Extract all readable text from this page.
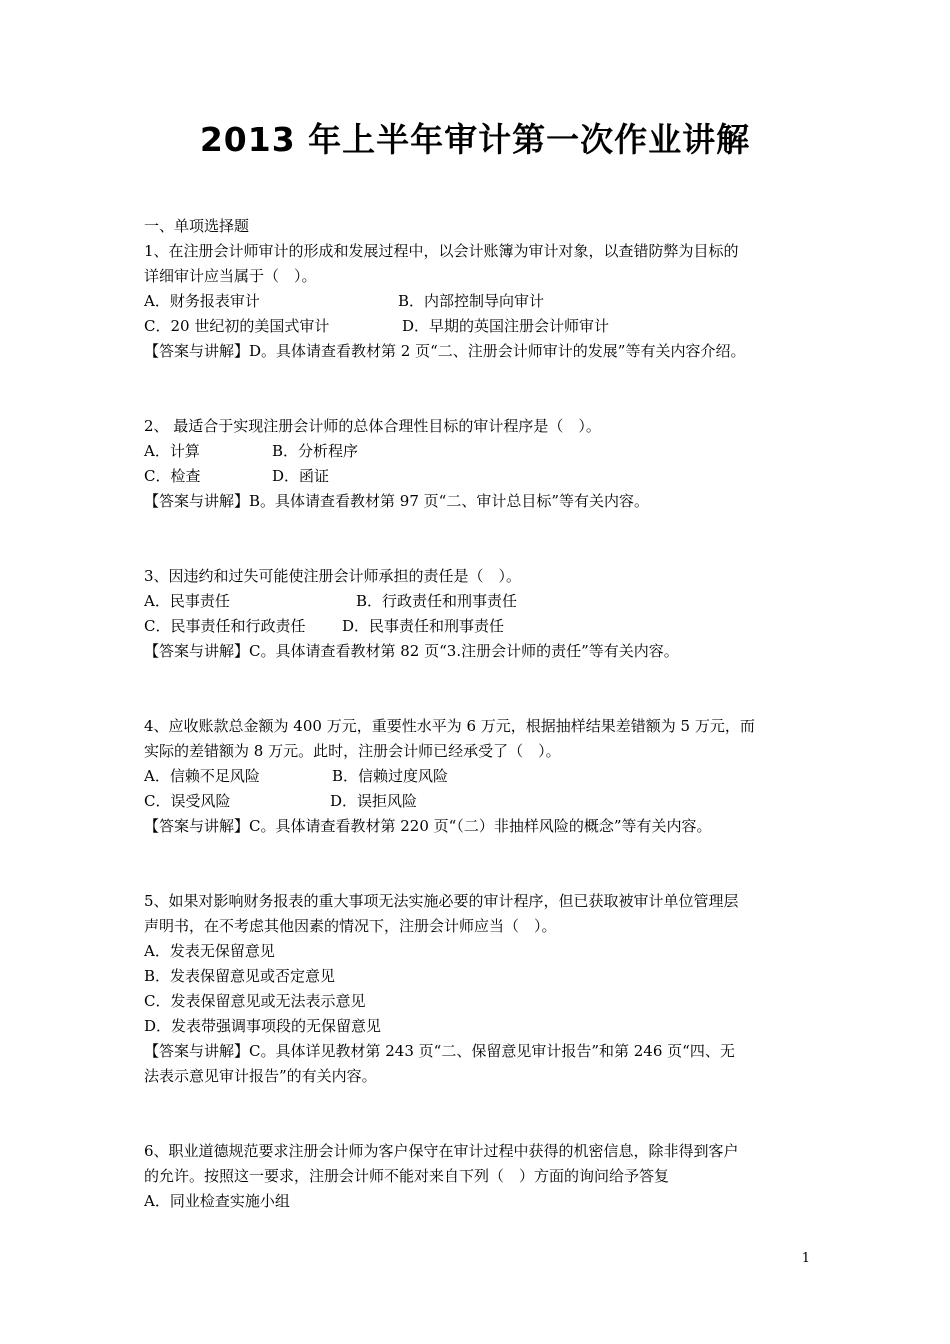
2013 年上半年审计第一次作业讲解
一、单项选择题
1、在注册会计师审计的形成和发展过程中，以会计账簿为审计对象，以查错防弊为目标的
详细审计应当属于（　）。
A．财务报表审计	B．内部控制导向审计
C．20 世纪初的美国式审计	D．早期的英国注册会计师审计
【答案与讲解】D。具体请查看教材第 2 页“二、注册会计师审计的发展”等有关内容介绍。
2、 最适合于实现注册会计师的总体合理性目标的审计程序是（　）。
A．计算	B．分析程序
C．检查	D．函证
【答案与讲解】B。具体请查看教材第 97 页“二、审计总目标”等有关内容。
3、因违约和过失可能使注册会计师承担的责任是（　）。
A．民事责任	B．行政责任和刑事责任
C．民事责任和行政责任	D．民事责任和刑事责任
【答案与讲解】C。具体请查看教材第 82 页“3.注册会计师的责任”等有关内容。
4、应收账款总金额为 400 万元，重要性水平为 6 万元，根据抽样结果差错额为 5 万元，而
实际的差错额为 8 万元。此时，注册会计师已经承受了（　）。
A．信赖不足风险	B．信赖过度风险
C．误受风险	D．误拒风险
【答案与讲解】C。具体请查看教材第 220 页“（二）非抽样风险的概念”等有关内容。
5、如果对影响财务报表的重大事项无法实施必要的审计程序，但已获取被审计单位管理层
声明书，在不考虑其他因素的情况下，注册会计师应当（　）。
A．发表无保留意见
B．发表保留意见或否定意见
C．发表保留意见或无法表示意见
D．发表带强调事项段的无保留意见
【答案与讲解】C。具体详见教材第 243 页“二、保留意见审计报告”和第 246 页“四、无
法表示意见审计报告”的有关内容。
6、职业道德规范要求注册会计师为客户保守在审计过程中获得的机密信息，除非得到客户
的允许。按照这一要求，注册会计师不能对来自下列（　）方面的询问给予答复
A．同业检查实施小组
1
